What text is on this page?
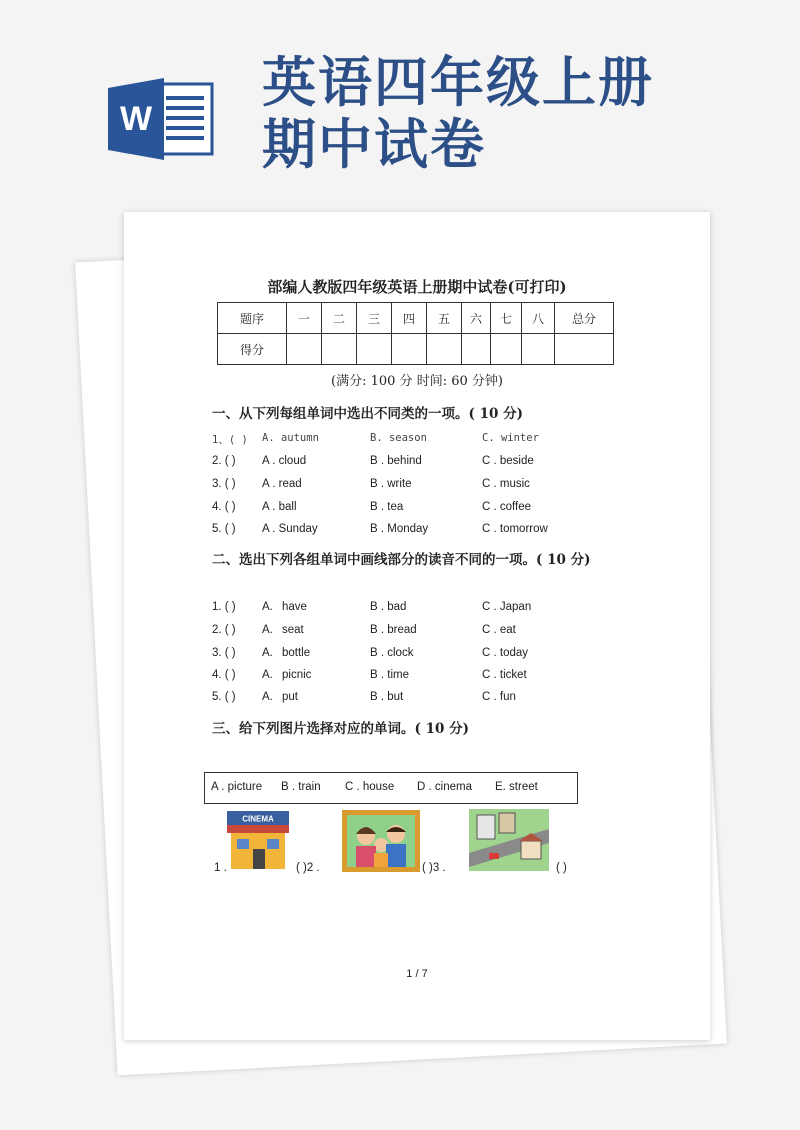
W
英语四年级上册
期中试卷
部编人教版四年级英语上册期中试卷(可打印)
题序	一	二	三	四	五	六	七	八	总分
得分									
(满分: 100 分 时间: 60 分钟)
一、从下列每组单词中选出不同类的一项。( 10 分)
1、( ) A. autumn	B. season	C. winter
2. ( ) A . cloud	B . behind	C . beside
3. ( ) A . read	B . write	C . music
4. ( ) A . ball	B . tea	C . coffee
5. ( ) A . Sunday	B . Monday	C . tomorrow
二、选出下列各组单词中画线部分的读音不同的一项。( 10 分)
1. ( ) A. have	B . bad	C . Japan
2. ( ) A. seat	B . bread	C . eat
3. ( ) A. bottle	B . clock	C . today
4. ( ) A. picnic	B . time	C . ticket
5. ( ) A. put	B . but	C . fun
三、给下列图片选择对应的单词。( 10 分)
A . picture B . train C . house D . cinema E. street
CINEMA
1 .	( )2 .	( )3 .	( )
1 / 7
